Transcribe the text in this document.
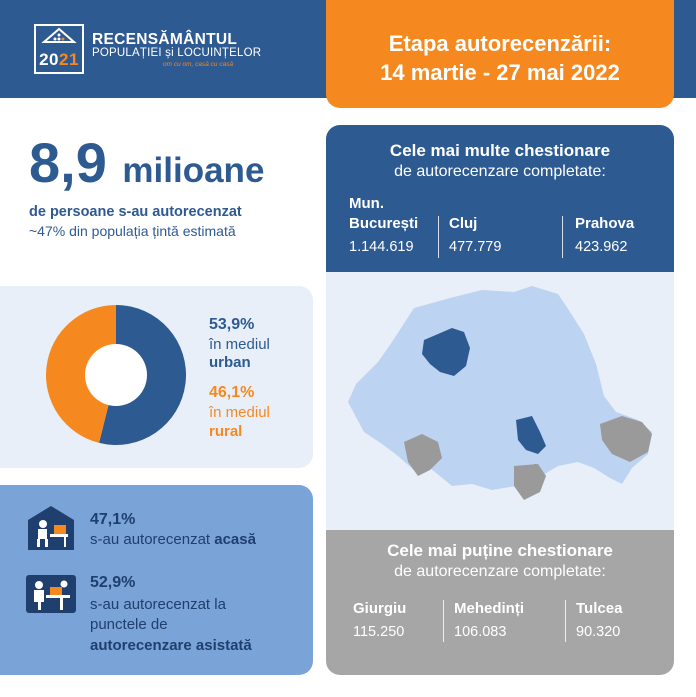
2021
RECENSĂMÂNTUL
POPULAȚIEI și LOCUINȚELOR
om cu om, casă cu casă
Etapa autorecenzării:
14 martie - 27 mai 2022
8,9 milioane
de persoane s-au autorecenzat
~47% din populația țintă estimată
53,9%
în mediul
urban
46,1%
în mediul
rural
47,1%
s-au autorecenzat acasă
52,9%
s-au autorecenzat la
punctele de
autorecenzare asistată
Cele mai multe chestionare
de autorecenzare completate:
Mun.
București
1.144.619
Cluj
477.779
Prahova
423.962
Cele mai puține chestionare
de autorecenzare completate:
Giurgiu
115.250
Mehedinți
106.083
Tulcea
90.320
